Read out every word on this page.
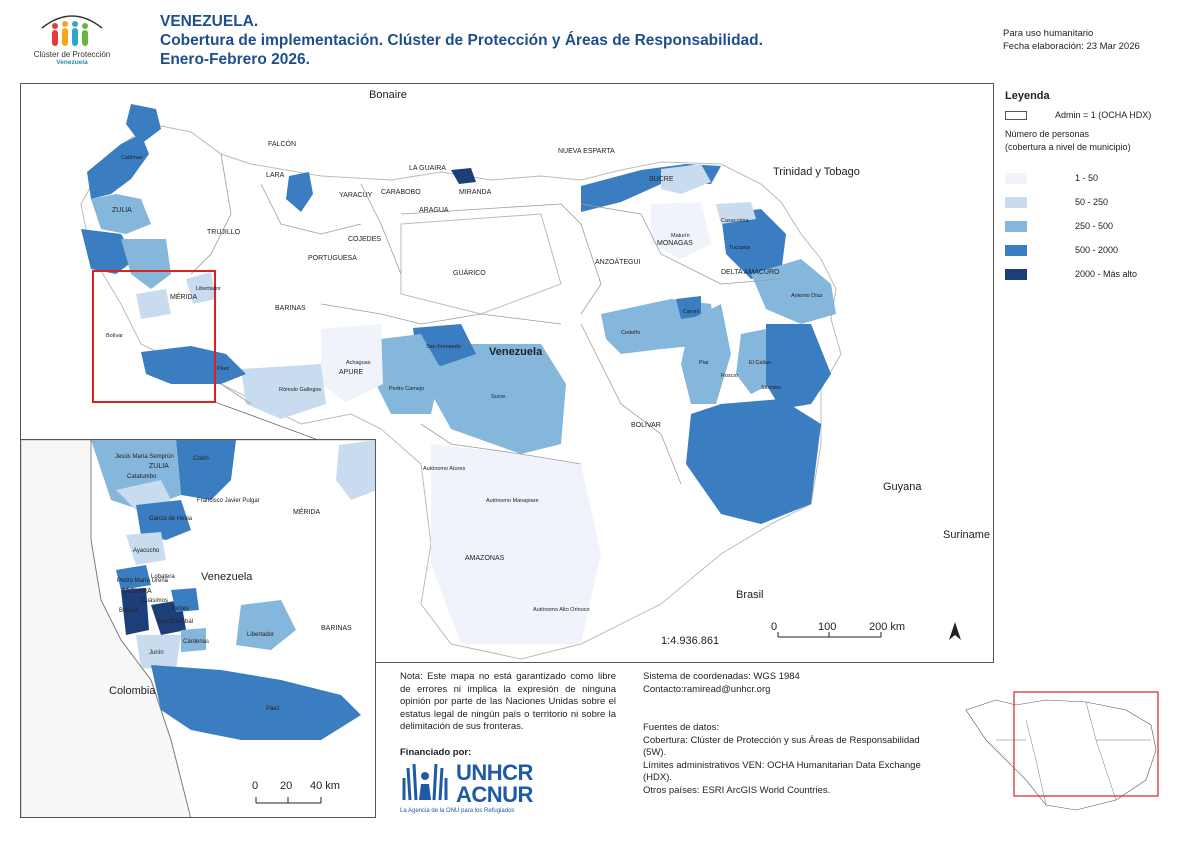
Clúster de Protección
Venezuela
VENEZUELA.
Cobertura de implementación. Clúster de Protección y Áreas de Responsabilidad.
Enero-Febrero 2026.
Para uso humanitario
Fecha elaboración: 23 Mar 2026
Bonaire
Trinidad y Tobago
Guyana
Suriname
Brasil
Venezuela
FALCÓN
LARA
YARACUY CARABOBO
ARAGUA
LA GUAIRA
MIRANDA
NUEVA ESPARTA
SUCRE
ZULIA
TRUJILLO
COJEDES
PORTUGUESA
GUÁRICO
ANZOÁTEGUI
MONAGAS
DELTA AMACURO
MÉRIDA
BARINAS
APURE
BOLÍVAR
AMAZONAS
Caroní
Piar
Sifontes
Sucre
Cedeño
San Fernando
Pedro Camejo
Achaguas
Rómulo Gallegos
Autónomo Atures
Autónomo Manapiare
Autónomo Alto Orinoco
Tucupita
Casacoima
Antonio Díaz
Maturín
Páez
Libertador
Bolívar
Roscio
El Callao
Cabimas
1:4.936.861
0	100	200 km
ZULIA
MÉRIDA
TÁCHIRA
BARINAS
Venezuela
Colombia
Colón
Jesús María Semprún
Catatumbo
Francisco Javier Pulgar
Garcia de Hevia
Ayacucho
Pedro María Ureña
Bolívar
Junín
Cárdenas
Libertador
Páez
Torbes
San Cristóbal
Guásimos
Lobatera
0 20 40 km
Leyenda
Admin = 1 (OCHA HDX)
Número de personas
(cobertura a nivel de municipio)
1 - 50
50 - 250
250 - 500
500 - 2000
2000 - Más alto
Nota: Este mapa no está garantizado como libre de errores ni implica la expresión de ninguna opinión por parte de las Naciones Unidas sobre el estatus legal de ningún país o territorio ni sobre la delimitación de sus fronteras.
Financiado por:
UNHCR
ACNUR
La Agencia de la ONU para los Refugiados
Sistema de coordenadas: WGS 1984
Contacto:ramiread@unhcr.org
Fuentes de datos:
Cobertura: Clúster de Protección y sus Áreas de Responsabilidad (5W).
Límites administrativos VEN: OCHA Humanitarian Data Exchange (HDX).
Otros países: ESRI ArcGIS World Countries.
